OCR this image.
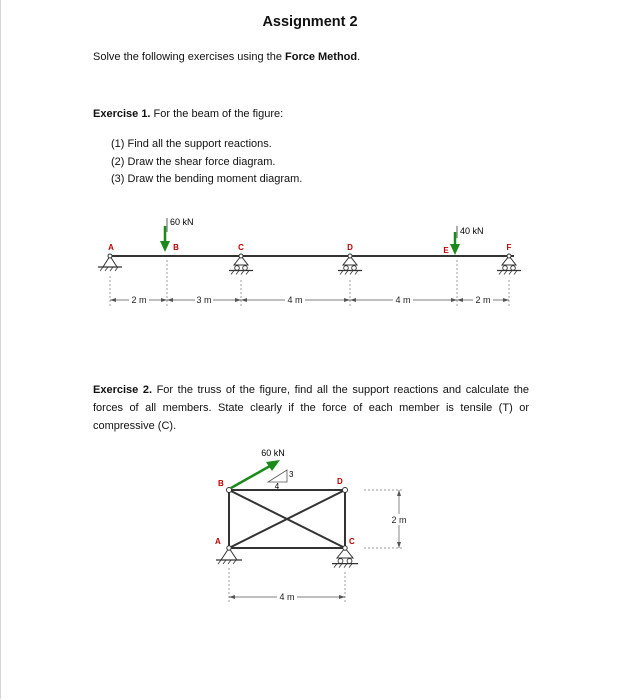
Assignment 2
Solve the following exercises using the Force Method.
Exercise 1. For the beam of the figure:
(1) Find all the support reactions.
(2) Draw the shear force diagram.
(3) Draw the bending moment diagram.
60 kN
40 kN
A	B	C	D	E	F
2 m	3 m	4 m	4 m	2 m
Exercise 2. For the truss of the figure, find all the support reactions and calculate the forces of all members. State clearly if the force of each member is tensile (T) or compressive (C).
60 kN
3
4
A
B
C
D
2 m
4 m
